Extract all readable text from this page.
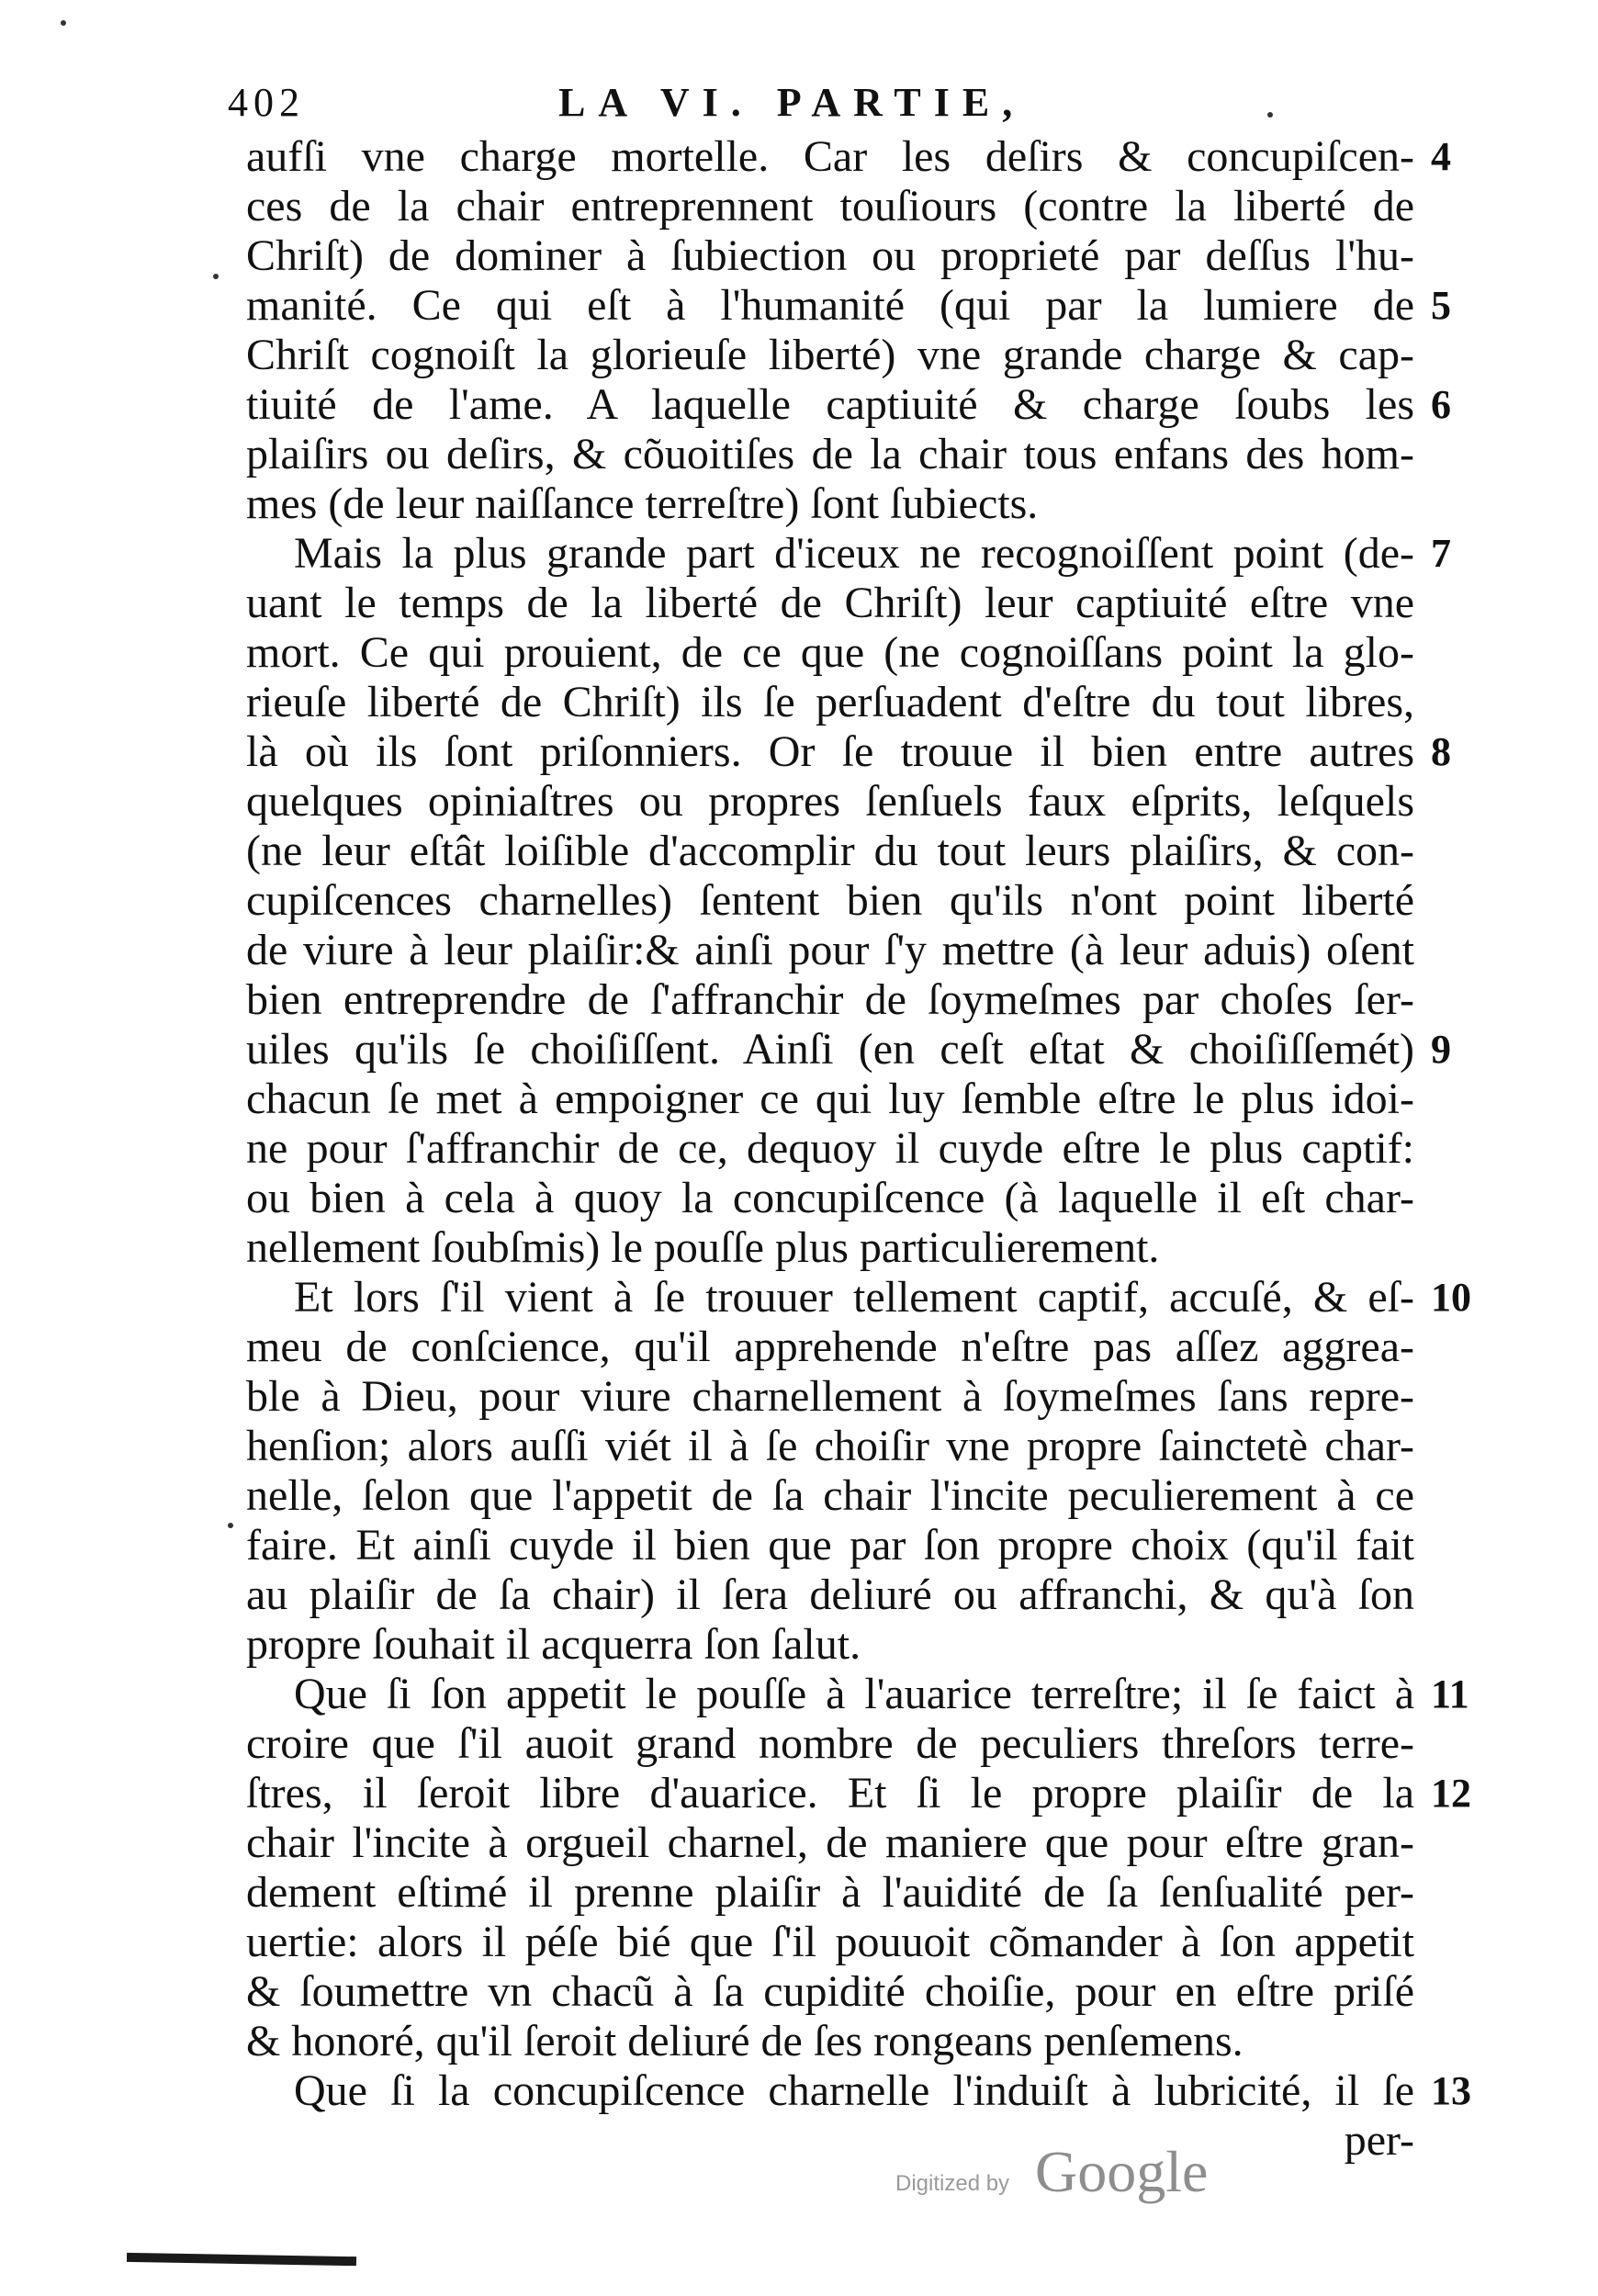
402	LA VI. PARTIE,
aufſi vne charge mortelle. Car les deſirs & concupiſcen- 4
ces de la chair entreprennent touſiours (contre la liberté de
Chriſt) de dominer à ſubiection ou proprieté par deſſus l'hu-
manité. Ce qui eſt à l'humanité (qui par la lumiere de 5
Chriſt cognoiſt la glorieuſe liberté) vne grande charge & cap-
tiuité de l'ame. A laquelle captiuité & charge ſoubs les 6
plaiſirs ou deſirs, & cõuoitiſes de la chair tous enfans des hom-
mes (de leur naiſſance terreſtre) ſont ſubiects.
Mais la plus grande part d'iceux ne recognoiſſent point (de- 7
uant le temps de la liberté de Chriſt) leur captiuité eſtre vne
mort. Ce qui prouient, de ce que (ne cognoiſſans point la glo-
rieuſe liberté de Chriſt) ils ſe perſuadent d'eſtre du tout libres,
là où ils ſont priſonniers. Or ſe trouue il bien entre autres 8
quelques opiniaſtres ou propres ſenſuels faux eſprits, leſquels
(ne leur eſtât loiſible d'accomplir du tout leurs plaiſirs, & con-
cupiſcences charnelles) ſentent bien qu'ils n'ont point liberté
de viure à leur plaiſir:& ainſi pour ſ'y mettre (à leur aduis) oſent
bien entreprendre de ſ'affranchir de ſoymeſmes par choſes ſer-
uiles qu'ils ſe choiſiſſent. Ainſi (en ceſt eſtat & choiſiſſemét) 9
chacun ſe met à empoigner ce qui luy ſemble eſtre le plus idoi-
ne pour ſ'affranchir de ce, dequoy il cuyde eſtre le plus captif:
ou bien à cela à quoy la concupiſcence (à laquelle il eſt char-
nellement ſoubſmis) le pouſſe plus particulierement.
Et lors ſ'il vient à ſe trouuer tellement captif, accuſé, & eſ- 10
meu de conſcience, qu'il apprehende n'eſtre pas aſſez aggrea-
ble à Dieu, pour viure charnellement à ſoymeſmes ſans repre-
henſion; alors auſſi viét il à ſe choiſir vne propre ſainctetè char-
nelle, ſelon que l'appetit de ſa chair l'incite peculierement à ce
faire. Et ainſi cuyde il bien que par ſon propre choix (qu'il fait
au plaiſir de ſa chair) il ſera deliuré ou affranchi, & qu'à ſon
propre ſouhait il acquerra ſon ſalut.
Que ſi ſon appetit le pouſſe à l'auarice terreſtre; il ſe faict à 11
croire que ſ'il auoit grand nombre de peculiers threſors terre-
ſtres, il ſeroit libre d'auarice. Et ſi le propre plaiſir de la 12
chair l'incite à orgueil charnel, de maniere que pour eſtre gran-
dement eſtimé il prenne plaiſir à l'auidité de ſa ſenſualité per-
uertie: alors il péſe bié que ſ'il pouuoit cõmander à ſon appetit
& ſoumettre vn chacũ à ſa cupidité choiſie, pour en eſtre priſé
& honoré, qu'il ſeroit deliuré de ſes rongeans penſemens.
Que ſi la concupiſcence charnelle l'induiſt à lubricité, il ſe 13
per-
Digitized by Google
